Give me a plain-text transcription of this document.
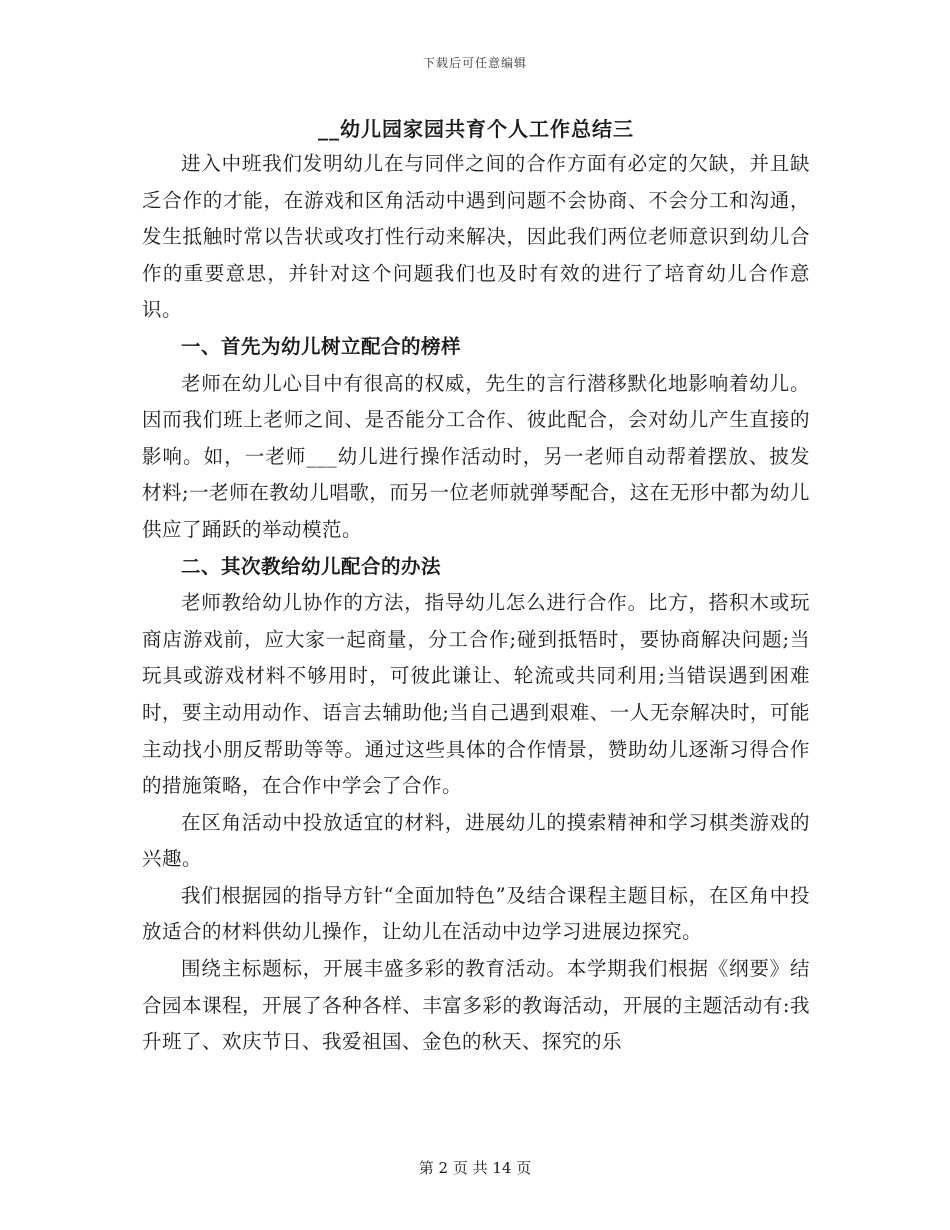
下载后可任意编辑
__幼儿园家园共育个人工作总结三

进入中班我们发明幼儿在与同伴之间的合作方面有必定的欠缺，并且缺乏合作的才能，在游戏和区角活动中遇到问题不会协商、不会分工和沟通，发生抵触时常以告状或攻打性行动来解决，因此我们两位老师意识到幼儿合作的重要意思，并针对这个问题我们也及时有效的进行了培育幼儿合作意识。

一、首先为幼儿树立配合的榜样

老师在幼儿心目中有很高的权威，先生的言行潜移默化地影响着幼儿。因而我们班上老师之间、是否能分工合作、彼此配合，会对幼儿产生直接的影响。如，一老师___幼儿进行操作活动时，另一老师自动帮着摆放、披发材料;一老师在教幼儿唱歌，而另一位老师就弹琴配合，这在无形中都为幼儿供应了踊跃的举动模范。

二、其次教给幼儿配合的办法

老师教给幼儿协作的方法，指导幼儿怎么进行合作。比方，搭积木或玩商店游戏前，应大家一起商量，分工合作;碰到抵牾时，要协商解决问题;当玩具或游戏材料不够用时，可彼此谦让、轮流或共同利用;当错误遇到困难时，要主动用动作、语言去辅助他;当自己遇到艰难、一人无奈解决时，可能主动找小朋反帮助等等。通过这些具体的合作情景，赞助幼儿逐渐习得合作的措施策略，在合作中学会了合作。

在区角活动中投放适宜的材料，进展幼儿的摸索精神和学习棋类游戏的兴趣。

我们根据园的指导方针“全面加特色”及结合课程主题目标，在区角中投放适合的材料供幼儿操作，让幼儿在活动中边学习进展边探究。

围绕主标题标，开展丰盛多彩的教育活动。本学期我们根据《纲要》结合园本课程，开展了各种各样、丰富多彩的教诲活动，开展的主题活动有:我升班了、欢庆节日、我爱祖国、金色的秋天、探究的乐

第 2 页 共 14 页
